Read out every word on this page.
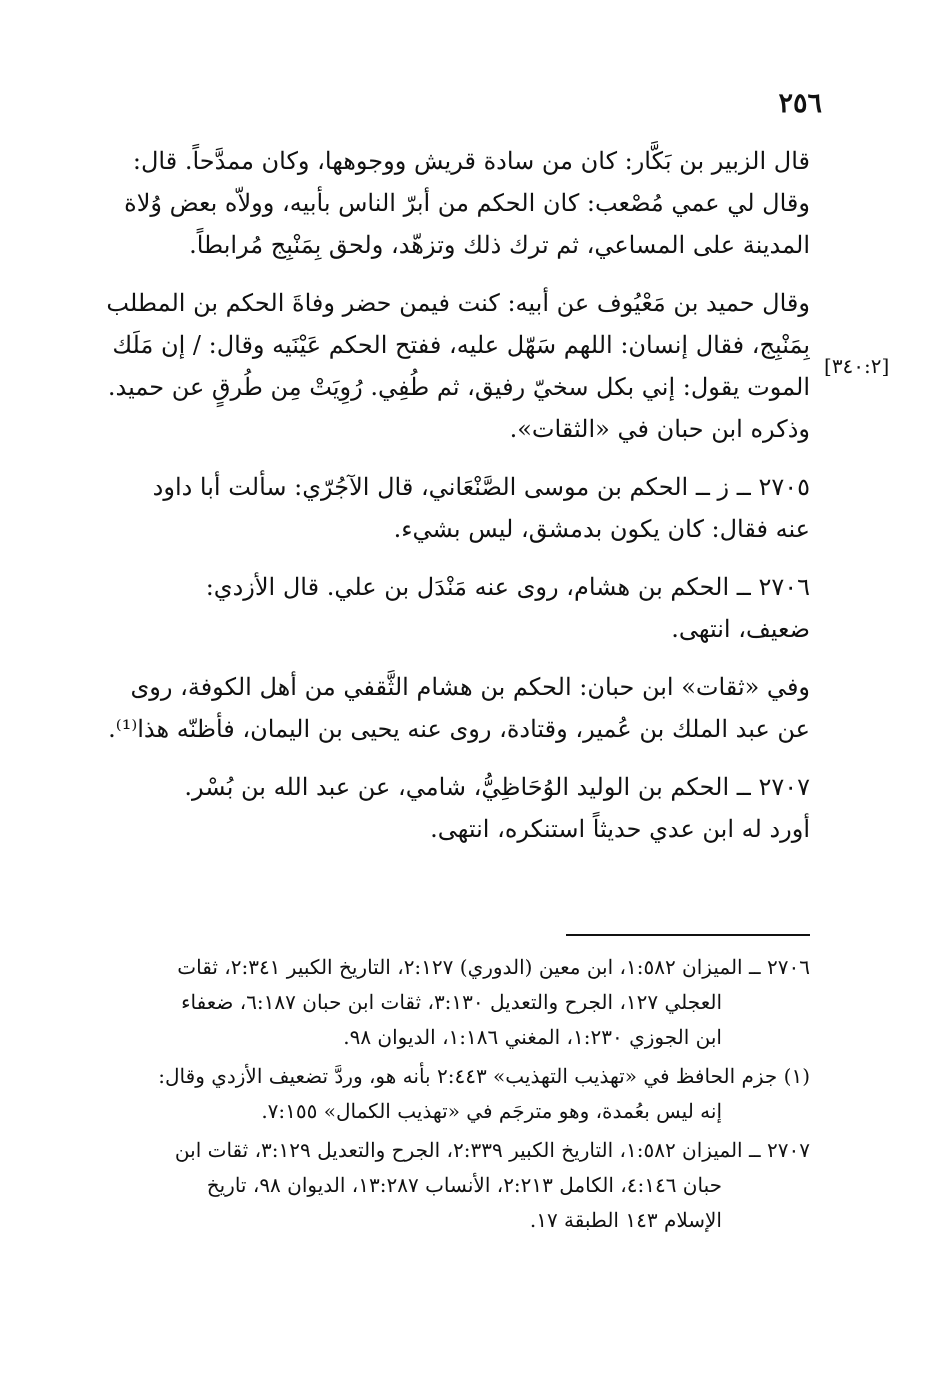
٢٥٦
[٣٤٠:٢]

قال الزبير بن بَكَّار: كان من سادة قريش ووجوهها، وكان ممدَّحاً. قال:
وقال لي عمي مُصْعب: كان الحكم من أبرّ الناس بأبيه، وولاّه بعض وُلاة
المدينة على المساعي، ثم ترك ذلك وتزهّد، ولحق بِمَنْبِج مُرابطاً.

وقال حميد بن مَعْيُوف عن أبيه: كنت فيمن حضر وفاةَ الحكم بن المطلب
بِمَنْبِج، فقال إنسان: اللهم سَهّل عليه، ففتح الحكم عَيْنَيه وقال: / إن مَلَك
الموت يقول: إني بكل سخيّ رفيق، ثم طُفِي. رُوِيَتْ مِن طُرقٍ عن حميد.
وذكره ابن حبان في «الثقات».

٢٧٠٥ ــ ز ــ الحكم بن موسى الصَّنْعَاني، قال الآجُرّي: سألت أبا داود
عنه فقال: كان يكون بدمشق، ليس بشيء.

٢٧٠٦ ــ الحكم بن هشام، روى عنه مَنْدَل بن علي. قال الأزدي:
ضعيف، انتهى.

وفي «ثقات» ابن حبان: الحكم بن هشام الثَّقفي من أهل الكوفة، روى
عن عبد الملك بن عُمير، وقتادة، روى عنه يحيى بن اليمان، فأظنّه هذا⁽¹⁾.

٢٧٠٧ ــ الحكم بن الوليد الوُحَاظِيُّ، شامي، عن عبد الله بن بُسْر.
أورد له ابن عدي حديثاً استنكره، انتهى.

٢٧٠٦ ــ الميزان ١:٥٨٢، ابن معين (الدوري) ٢:١٢٧، التاريخ الكبير ٢:٣٤١، ثقات
العجلي ١٢٧، الجرح والتعديل ٣:١٣٠، ثقات ابن حبان ٦:١٨٧، ضعفاء
ابن الجوزي ١:٢٣٠، المغني ١:١٨٦، الديوان ٩٨.

(١) جزم الحافظ في «تهذيب التهذيب» ٢:٤٤٣ بأنه هو، وردَّ تضعيف الأزدي وقال:
إنه ليس بعُمدة، وهو مترجَم في «تهذيب الكمال» ٧:١٥٥.

٢٧٠٧ ــ الميزان ١:٥٨٢، التاريخ الكبير ٢:٣٣٩، الجرح والتعديل ٣:١٢٩، ثقات ابن
حبان ٤:١٤٦، الكامل ٢:٢١٣، الأنساب ١٣:٢٨٧، الديوان ٩٨، تاريخ
الإسلام ١٤٣ الطبقة ١٧.
